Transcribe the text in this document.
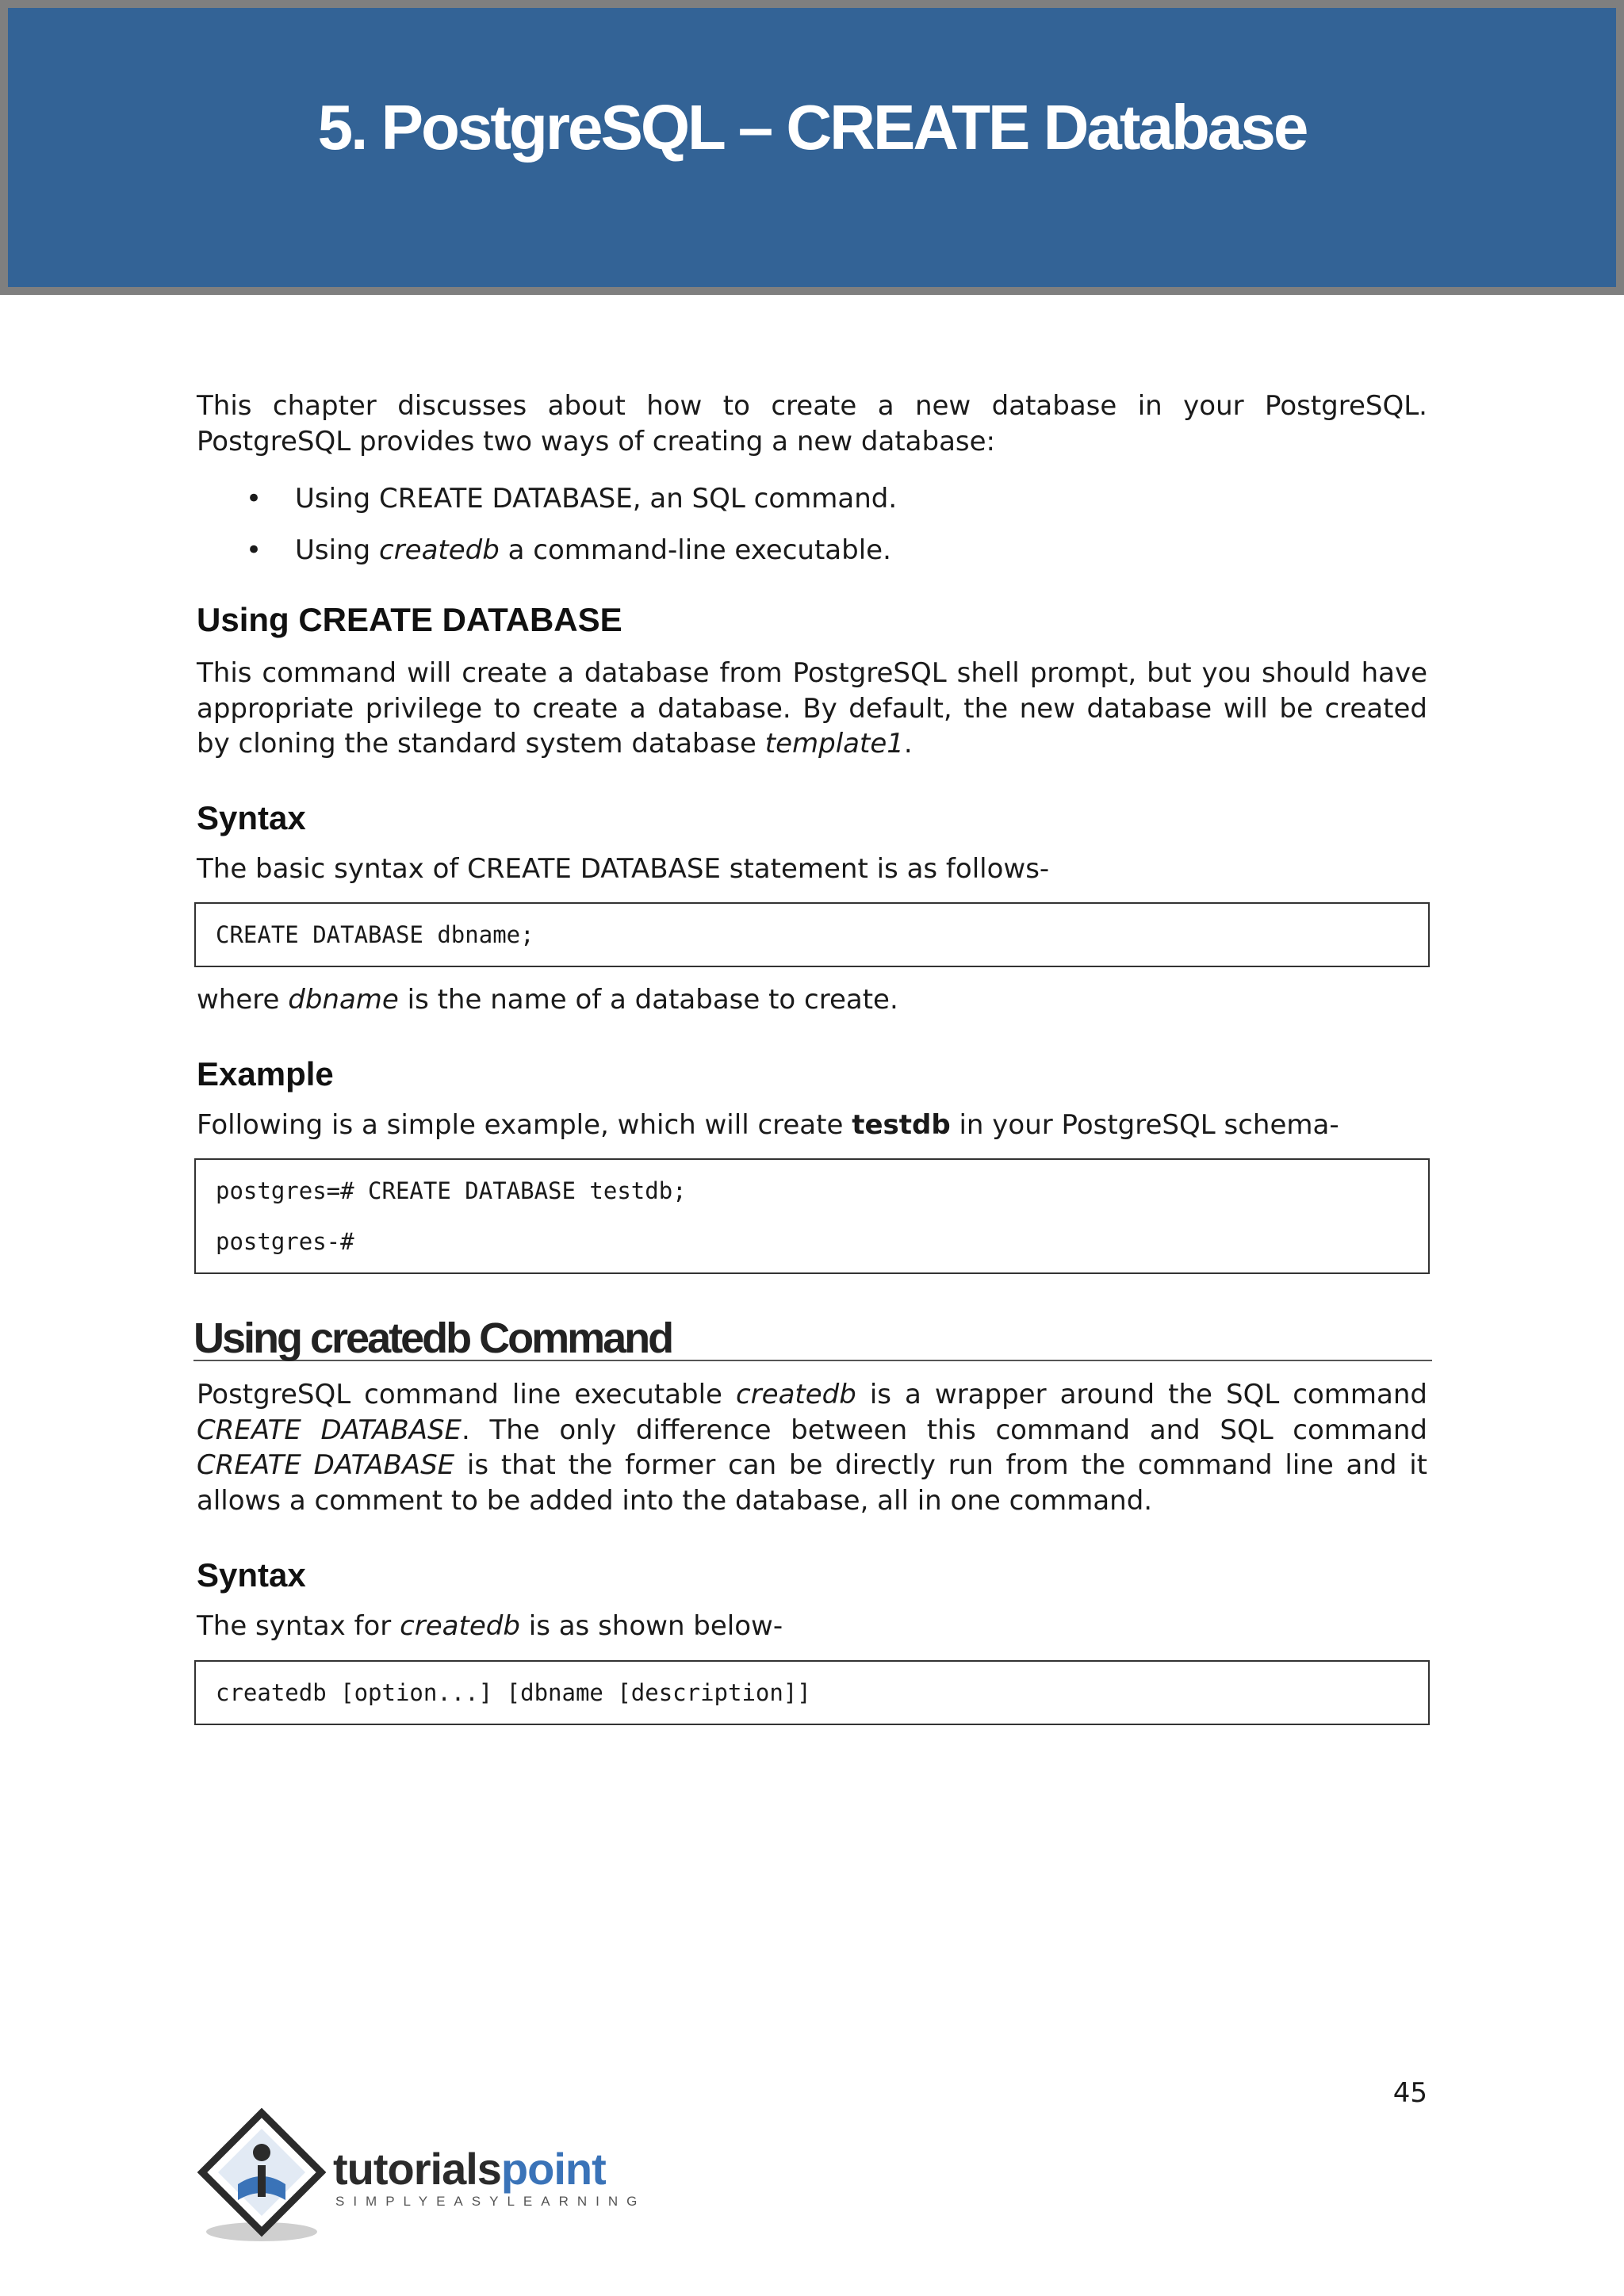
5. PostgreSQL – CREATE Database

This chapter discusses about how to create a new database in your PostgreSQL. PostgreSQL provides two ways of creating a new database:

• Using CREATE DATABASE, an SQL command.
• Using createdb a command-line executable.
Using CREATE DATABASE

This command will create a database from PostgreSQL shell prompt, but you should have appropriate privilege to create a database. By default, the new database will be created by cloning the standard system database template1.

Syntax

The basic syntax of CREATE DATABASE statement is as follows-

CREATE DATABASE dbname;

where dbname is the name of a database to create.

Example

Following is a simple example, which will create testdb in your PostgreSQL schema-

postgres=# CREATE DATABASE testdb;
postgres-#
Using createdb Command

PostgreSQL command line executable createdb is a wrapper around the SQL command CREATE DATABASE. The only difference between this command and SQL command CREATE DATABASE is that the former can be directly run from the command line and it allows a comment to be added into the database, all in one command.

Syntax

The syntax for createdb is as shown below-

createdb [option...] [dbname [description]]
45
tutorialspoint
SIMPLYEASYLEARNING
